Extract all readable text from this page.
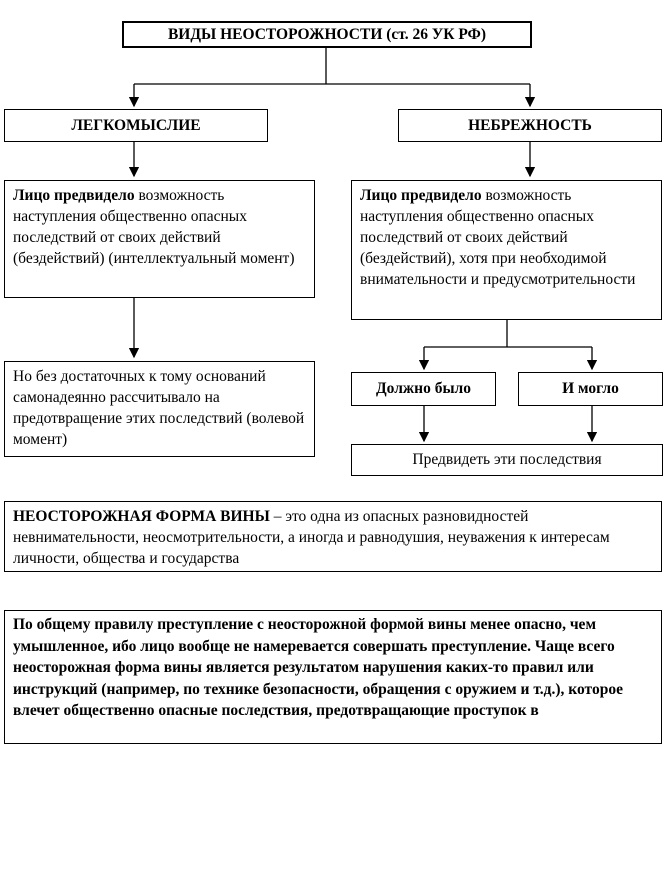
ВИДЫ НЕОСТОРОЖНОСТИ (ст. 26 УК РФ)
ЛЕГКОМЫСЛИЕ	НЕБРЕЖНОСТЬ
Лицо предвидело возможность наступления общественно опасных последствий от своих действий (бездействий) (интеллектуальный момент)
Лицо предвидело возможность наступления общественно опасных последствий от своих действий (бездействий), хотя при необходимой внимательности и предусмотрительности
Но без достаточных к тому оснований самонадеянно рассчитывало на предотвращение этих последствий (волевой момент)
Должно было	И могло
Предвидеть эти последствия
НЕОСТОРОЖНАЯ ФОРМА ВИНЫ – это одна из опасных разновидностей невнимательности, неосмотрительности, а иногда и равнодушия, неуважения к интересам личности, общества и государства
По общему правилу преступление с неосторожной формой вины менее опасно, чем умышленное, ибо лицо вообще не намеревается совершать преступление. Чаще всего неосторожная форма вины является результатом нарушения каких-то правил или инструкций (например, по технике безопасности, обращения с оружием и т.д.), которое влечет общественно опасные последствия, предотвращающие проступок в
